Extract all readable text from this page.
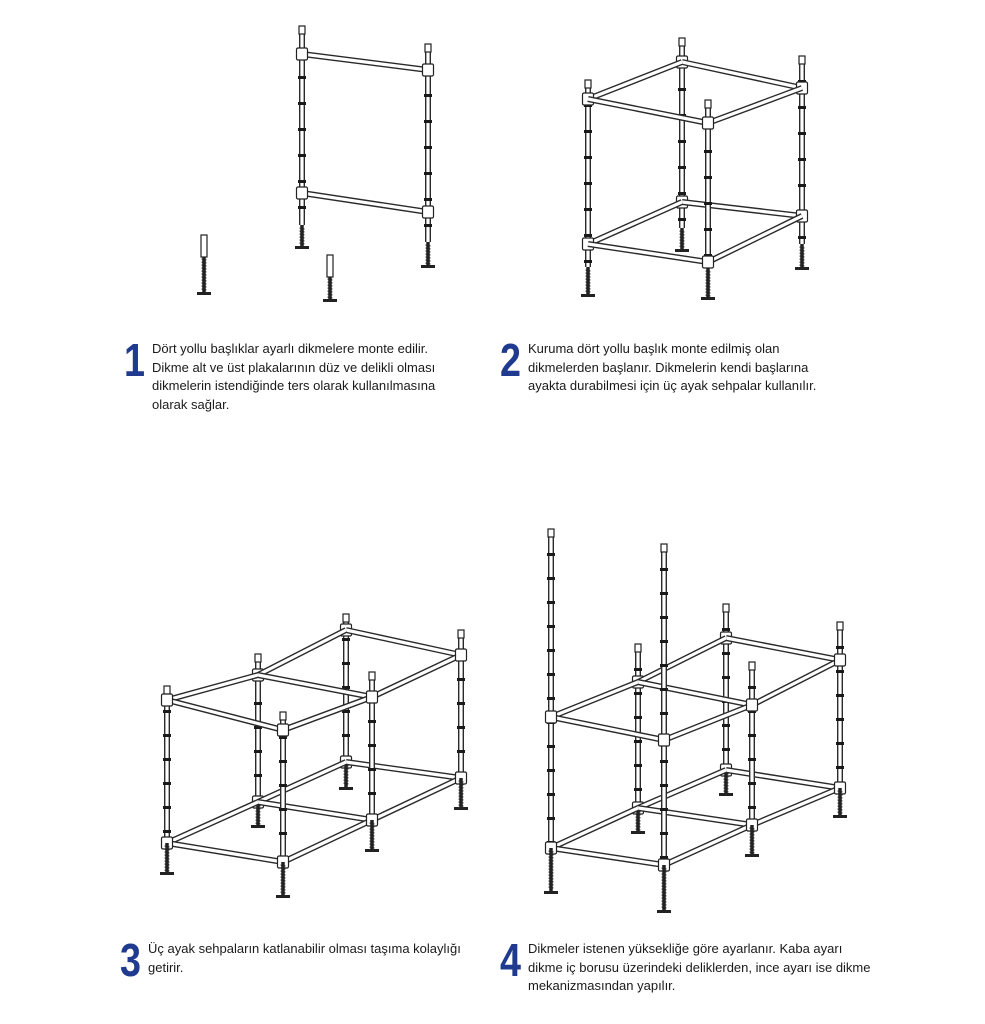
1 Dört yollu başlıklar ayarlı dikmelere monte edilir. Dikme alt ve üst plakalarının düz ve delikli olması dikmelerin istendiğinde ters olarak kullanılmasına olarak sağlar.
2 Kuruma dört yollu başlık monte edilmiş olan dikmelerden başlanır. Dikmelerin kendi başlarına ayakta durabilmesi için üç ayak sehpalar kullanılır.
3 Üç ayak sehpaların katlanabilir olması taşıma kolaylığı getirir.	4 Dikmeler istenen yüksekliğe göre ayarlanır. Kaba ayarı dikme iç borusu üzerindeki deliklerden, ince ayarı ise dikme mekanizmasından yapılır.
